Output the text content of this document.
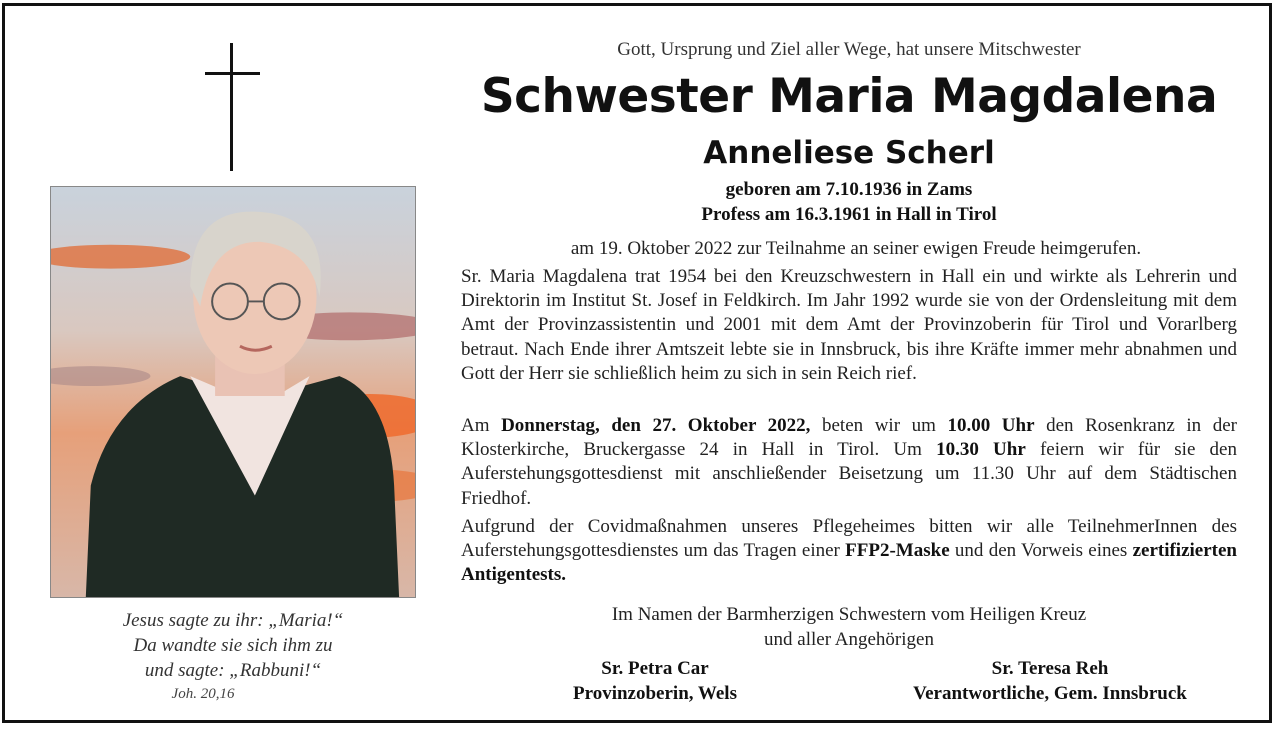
Jesus sagte zu ihr: „Maria!“
Da wandte sie sich ihm zu
und sagte: „Rabbuni!“
Joh. 20,16
Gott, Ursprung und Ziel aller Wege, hat unsere Mitschwester
Schwester Maria Magdalena
Anneliese Scherl
geboren am 7.10.1936 in Zams
Profess am 16.3.1961 in Hall in Tirol
am 19. Oktober 2022 zur Teilnahme an seiner ewigen Freude heimgerufen.
Sr. Maria Magdalena trat 1954 bei den Kreuzschwestern in Hall ein und wirkte als Lehrerin und Direktorin im Institut St. Josef in Feldkirch. Im Jahr 1992 wurde sie von der Ordensleitung mit dem Amt der Provinzassistentin und 2001 mit dem Amt der Provinzoberin für Tirol und Vorarlberg betraut. Nach Ende ihrer Amtszeit lebte sie in Innsbruck, bis ihre Kräfte immer mehr abnahmen und Gott der Herr sie schließlich heim zu sich in sein Reich rief.
Am Donnerstag, den 27. Oktober 2022, beten wir um 10.00 Uhr den Rosenkranz in der Klosterkirche, Bruckergasse 24 in Hall in Tirol. Um 10.30 Uhr feiern wir für sie den Auferstehungsgottesdienst mit anschließender Beisetzung um 11.30 Uhr auf dem Städtischen Friedhof.
Aufgrund der Covidmaßnahmen unseres Pflegeheimes bitten wir alle TeilnehmerInnen des Auferstehungsgottesdienstes um das Tragen einer FFP2-Maske und den Vorweis eines zertifizierten Antigentests.
Im Namen der Barmherzigen Schwestern vom Heiligen Kreuz
und aller Angehörigen
Sr. Petra Car
Provinzoberin, Wels
Sr. Teresa Reh
Verantwortliche, Gem. Innsbruck
